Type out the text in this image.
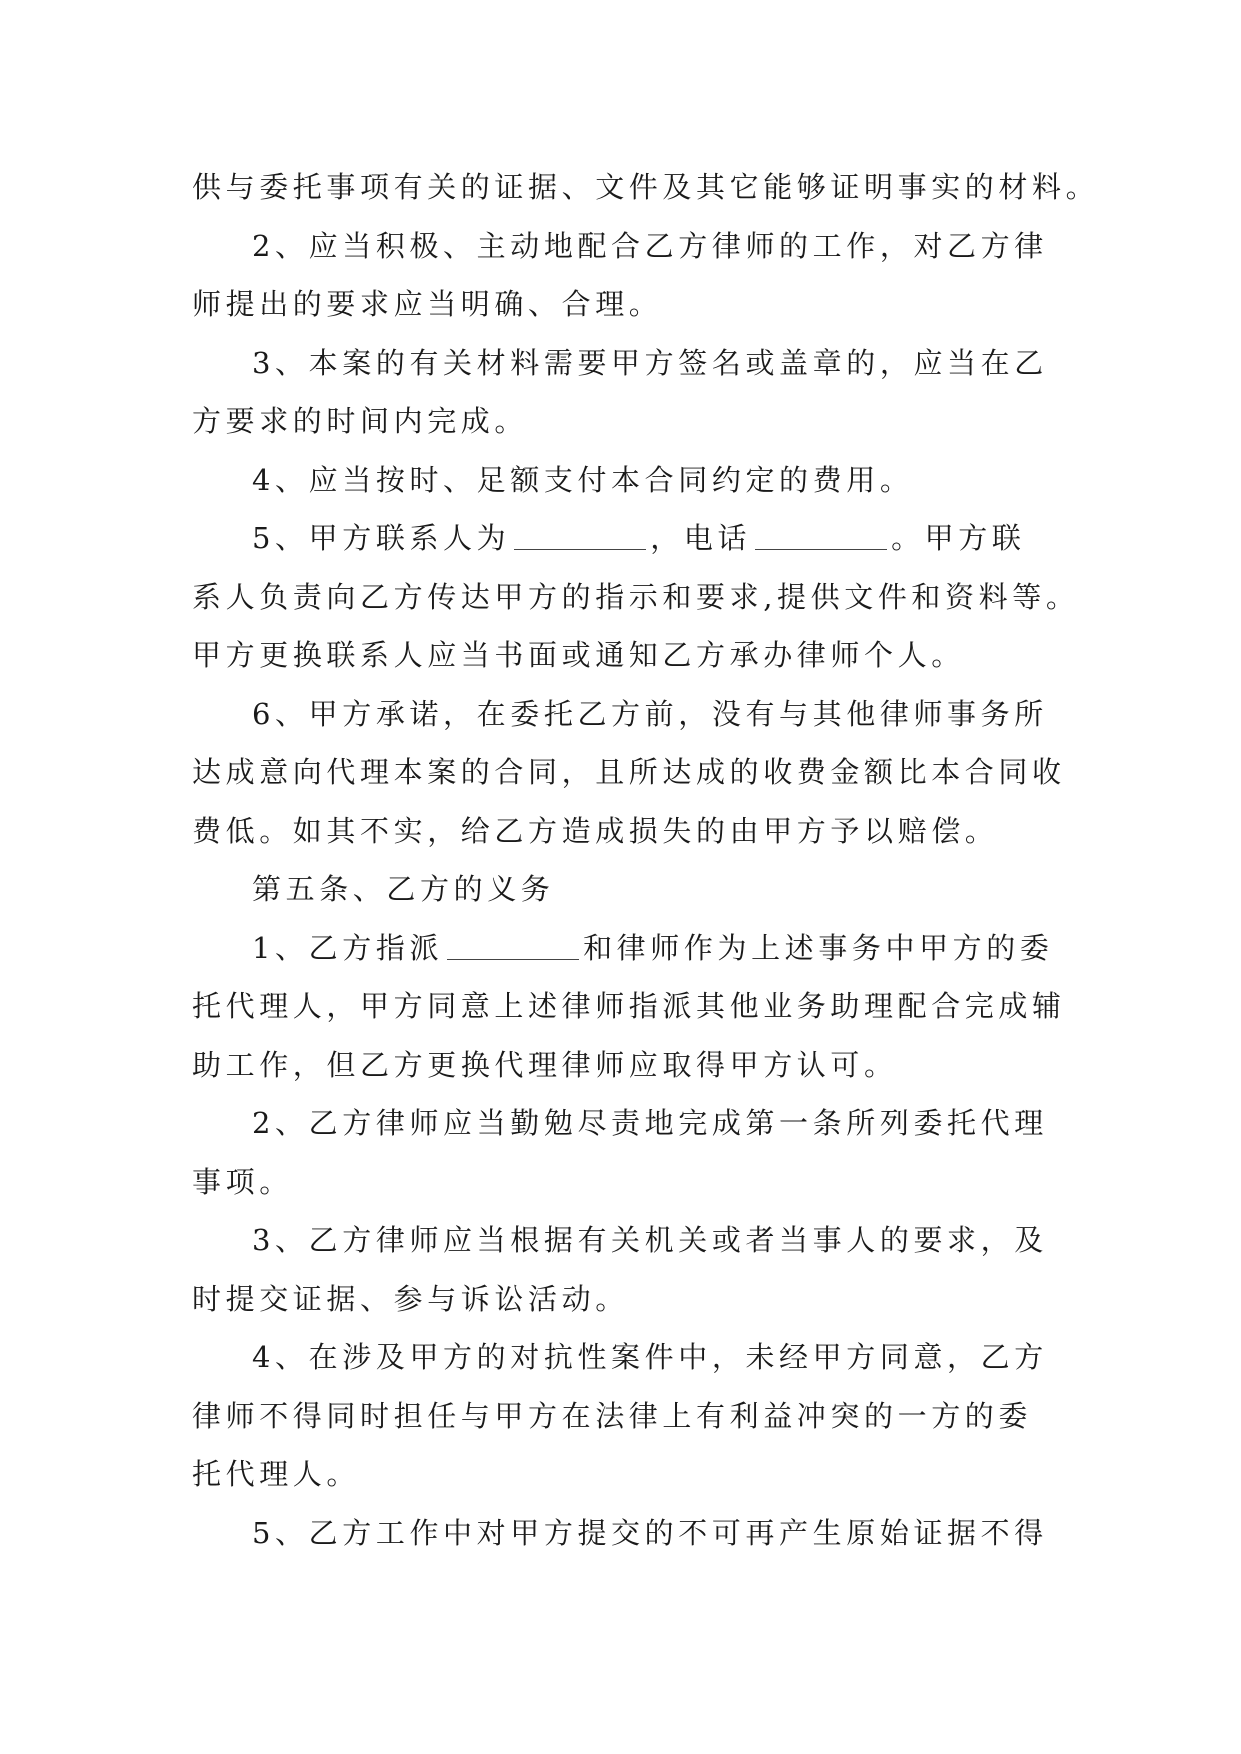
供与委托事项有关的证据、文件及其它能够证明事实的材料。
2、应当积极、主动地配合乙方律师的工作，对乙方律
师提出的要求应当明确、合理。
3、本案的有关材料需要甲方签名或盖章的，应当在乙
方要求的时间内完成。
4、应当按时、足额支付本合同约定的费用。
5、甲方联系人为	，电话	。甲方联
系人负责向乙方传达甲方的指示和要求,提供文件和资料等。
甲方更换联系人应当书面或通知乙方承办律师个人。
6、甲方承诺，在委托乙方前，没有与其他律师事务所
达成意向代理本案的合同，且所达成的收费金额比本合同收
费低。如其不实，给乙方造成损失的由甲方予以赔偿。
第五条、乙方的义务
1、乙方指派	和律师作为上述事务中甲方的委
托代理人，甲方同意上述律师指派其他业务助理配合完成辅
助工作，但乙方更换代理律师应取得甲方认可。
2、乙方律师应当勤勉尽责地完成第一条所列委托代理
事项。
3、乙方律师应当根据有关机关或者当事人的要求，及
时提交证据、参与诉讼活动。
4、在涉及甲方的对抗性案件中，未经甲方同意，乙方
律师不得同时担任与甲方在法律上有利益冲突的一方的委
托代理人。
5、乙方工作中对甲方提交的不可再产生原始证据不得
